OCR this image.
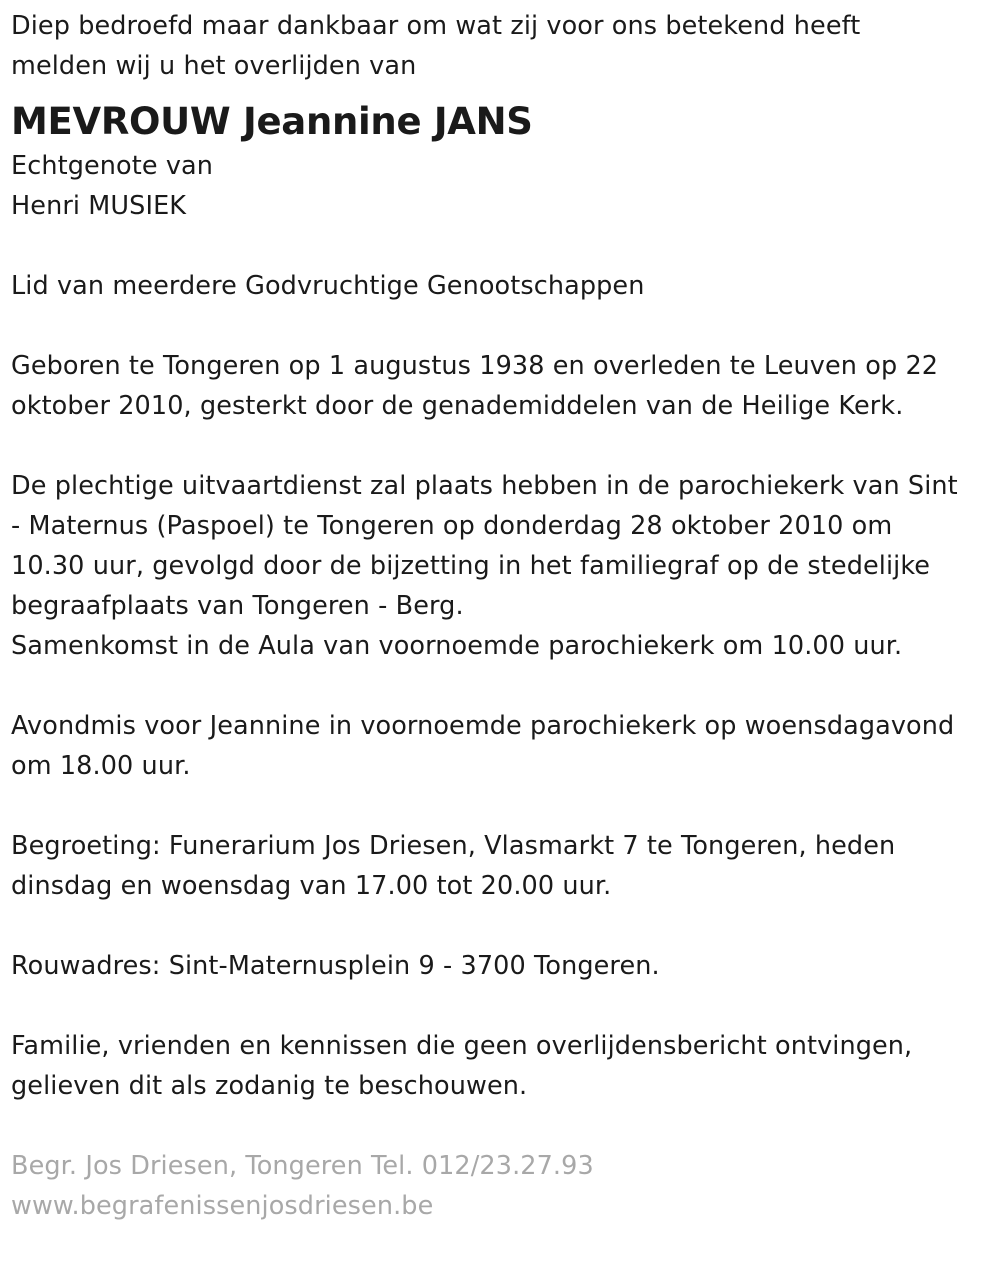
Diep bedroefd maar dankbaar om wat zij voor ons betekend heeft
melden wij u het overlijden van
MEVROUW Jeannine JANS
Echtgenote van
Henri MUSIEK
Lid van meerdere Godvruchtige Genootschappen
Geboren te Tongeren op 1 augustus 1938 en overleden te Leuven op 22
oktober 2010, gesterkt door de genademiddelen van de Heilige Kerk.
De plechtige uitvaartdienst zal plaats hebben in de parochiekerk van Sint
- Maternus (Paspoel) te Tongeren op donderdag 28 oktober 2010 om
10.30 uur, gevolgd door de bijzetting in het familiegraf op de stedelijke
begraafplaats van Tongeren - Berg.
Samenkomst in de Aula van voornoemde parochiekerk om 10.00 uur.
Avondmis voor Jeannine in voornoemde parochiekerk op woensdagavond
om 18.00 uur.
Begroeting: Funerarium Jos Driesen, Vlasmarkt 7 te Tongeren, heden
dinsdag en woensdag van 17.00 tot 20.00 uur.
Rouwadres: Sint-Maternusplein 9 - 3700 Tongeren.
Familie, vrienden en kennissen die geen overlijdensbericht ontvingen,
gelieven dit als zodanig te beschouwen.
Begr. Jos Driesen, Tongeren Tel. 012/23.27.93
www.begrafenissenjosdriesen.be
